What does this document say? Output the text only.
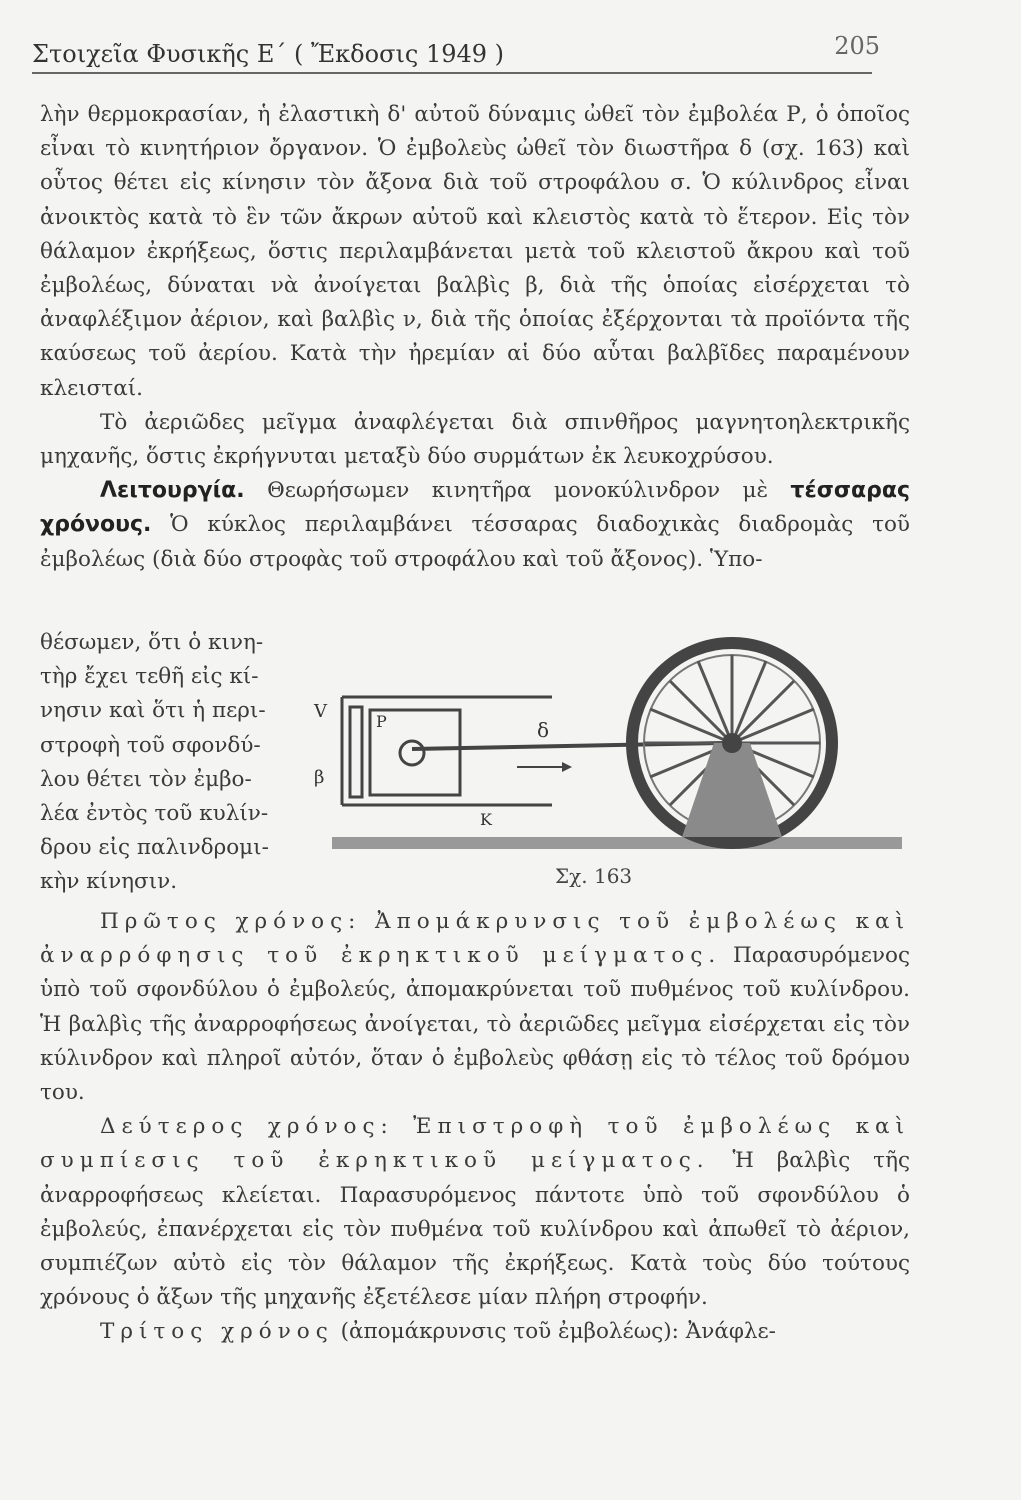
Στοιχεῖα Φυσικῆς Ε΄ ( Ἔκδοσις 1949 )	205

λὴν θερμοκρασίαν, ἡ ἐλαστικὴ δ' αὐτοῦ δύναμις ὠθεῖ τὸν ἐμβολέα Ρ, ὁ ὁποῖος εἶναι τὸ κινητήριον ὄργανον. Ὁ ἐμβολεὺς ὠθεῖ τὸν διωστῆρα δ (σχ. 163) καὶ οὗτος θέτει εἰς κίνησιν τὸν ἄξονα διὰ τοῦ στροφάλου σ. Ὁ κύλινδρος εἶναι ἀνοικτὸς κατὰ τὸ ἓν τῶν ἄκρων αὐτοῦ καὶ κλειστὸς κατὰ τὸ ἕτερον. Εἰς τὸν θάλαμον ἐκρήξεως, ὅστις περιλαμβάνεται μετὰ τοῦ κλειστοῦ ἄκρου καὶ τοῦ ἐμβολέως, δύναται νὰ ἀνοίγεται βαλβὶς β, διὰ τῆς ὁποίας εἰσέρχεται τὸ ἀναφλέξιμον ἀέριον, καὶ βαλβὶς ν, διὰ τῆς ὁποίας ἐξέρχονται τὰ προϊόντα τῆς καύσεως τοῦ ἀερίου. Κατὰ τὴν ἠρεμίαν αἱ δύο αὗται βαλβῖδες παραμένουν κλεισταί.

Τὸ ἀεριῶδες μεῖγμα ἀναφλέγεται διὰ σπινθῆρος μαγνητοηλεκτρικῆς μηχανῆς, ὅστις ἐκρήγνυται μεταξὺ δύο συρμάτων ἐκ λευκοχρύσου.

Λειτουργία. Θεωρήσωμεν κινητῆρα μονοκύλινδρον μὲ τέσσαρας χρόνους. Ὁ κύκλος περιλαμβάνει τέσσαρας διαδοχικὰς διαδρομὰς τοῦ ἐμβολέως (διὰ δύο στροφὰς τοῦ στροφάλου καὶ τοῦ ἄξονος). Ὑπο-

θέσωμεν, ὅτι ὁ κινη-
τὴρ ἔχει τεθῆ εἰς κί-
νησιν καὶ ὅτι ἡ περι-
στροφὴ τοῦ σφονδύ-
λου θέτει τὸν ἐμβο-
λέα ἐντὸς τοῦ κυλίν-
δρου εἰς παλινδρομι-
κὴν κίνησιν.

V	P	δ
β
K
Σχ. 163

Πρῶτος χρόνος: Ἀπομάκρυνσις τοῦ ἐμβολέως καὶ ἀναρρόφησις τοῦ ἐκρηκτικοῦ μείγματος. Παρασυρόμενος ὑπὸ τοῦ σφονδύλου ὁ ἐμβολεύς, ἀπομακρύνεται τοῦ πυθμένος τοῦ κυλίνδρου. Ἡ βαλβὶς τῆς ἀναρροφήσεως ἀνοίγεται, τὸ ἀεριῶδες μεῖγμα εἰσέρχεται εἰς τὸν κύλινδρον καὶ πληροῖ αὐτόν, ὅταν ὁ ἐμβολεὺς φθάσῃ εἰς τὸ τέλος τοῦ δρόμου του.

Δεύτερος χρόνος: Ἐπιστροφὴ τοῦ ἐμβολέως καὶ συμπίεσις τοῦ ἐκρηκτικοῦ μείγματος. Ἡ βαλβὶς τῆς ἀναρροφήσεως κλείεται. Παρασυρόμενος πάντοτε ὑπὸ τοῦ σφονδύλου ὁ ἐμβολεύς, ἐπανέρχεται εἰς τὸν πυθμένα τοῦ κυλίνδρου καὶ ἀπωθεῖ τὸ ἀέριον, συμπιέζων αὐτὸ εἰς τὸν θάλαμον τῆς ἐκρήξεως. Κατὰ τοὺς δύο τούτους χρόνους ὁ ἄξων τῆς μηχανῆς ἐξετέλεσε μίαν πλήρη στροφήν.

Τρίτος χρόνος (ἀπομάκρυνσις τοῦ ἐμβολέως): Ἀνάφλε-
